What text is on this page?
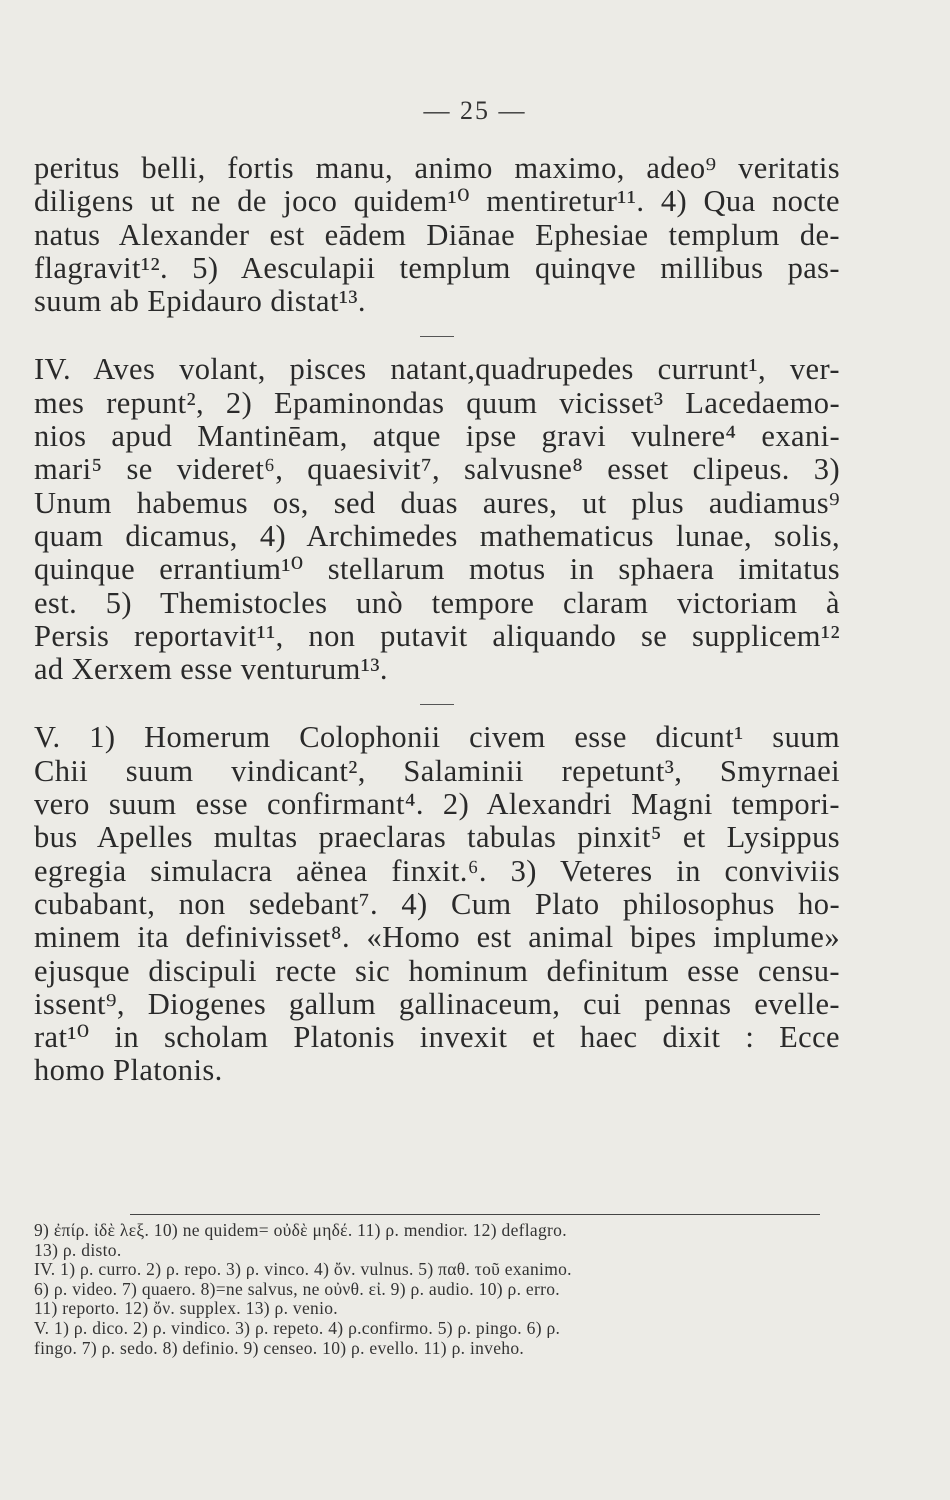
— 25 —
peritus belli, fortis manu, animo maximo, adeo⁹ veritatis
diligens ut ne de joco quidem¹⁰ mentiretur¹¹. 4) Qua nocte
natus Alexander est eādem Diānae Ephesiae templum de-
flagravit¹². 5) Aesculapii templum quinqve millibus pas-
suum ab Epidauro distat¹³.
IV. Aves volant, pisces natant,quadrupedes currunt¹, ver-
mes repunt², 2) Epaminondas quum vicisset³ Lacedaemo-
nios apud Mantinēam, atque ipse gravi vulnere⁴ exani-
mari⁵ se videret⁶, quaesivit⁷, salvusne⁸ esset clipeus. 3)
Unum habemus os, sed duas aures, ut plus audiamus⁹
quam dicamus, 4) Archimedes mathematicus lunae, solis,
quinque errantium¹⁰ stellarum motus in sphaera imitatus
est. 5) Themistocles unò tempore claram victoriam à
Persis reportavit¹¹, non putavit aliquando se supplicem¹²
ad Xerxem esse venturum¹³.
V. 1) Homerum Colophonii civem esse dicunt¹ suum
Chii suum vindicant², Salaminii repetunt³, Smyrnaei
vero suum esse confirmant⁴. 2) Alexandri Magni tempori-
bus Apelles multas praeclaras tabulas pinxit⁵ et Lysippus
egregia simulacra aënea finxit.⁶. 3) Veteres in conviviis
cubabant, non sedebant⁷. 4) Cum Plato philosophus ho-
minem ita definivisset⁸. «Homo est animal bipes implume»
ejusque discipuli recte sic hominum definitum esse censu-
issent⁹, Diogenes gallum gallinaceum, cui pennas evelle-
rat¹⁰ in scholam Platonis invexit et haec dixit : Ecce
homo Platonis.
9) ἐπίρ. ἰδὲ λεξ. 10) ne quidem= οὐδὲ μηδέ. 11) ρ. mendior. 12) deflagro.
13) ρ. disto.
IV. 1) ρ. curro. 2) ρ. repo. 3) ρ. vinco. 4) ὄν. vulnus. 5) παθ. τοῦ exanimo.
6) ρ. video. 7) quaero. 8)=ne salvus, ne οὐνθ. εἰ. 9) ρ. audio. 10) ρ. erro.
11) reporto. 12) ὄν. supplex. 13) ρ. venio.
V. 1) ρ. dico. 2) ρ. vindico. 3) ρ. repeto. 4) ρ.confirmo. 5) ρ. pingo. 6) ρ.
fingo. 7) ρ. sedo. 8) definio. 9) censeo. 10) ρ. evello. 11) ρ. inveho.
